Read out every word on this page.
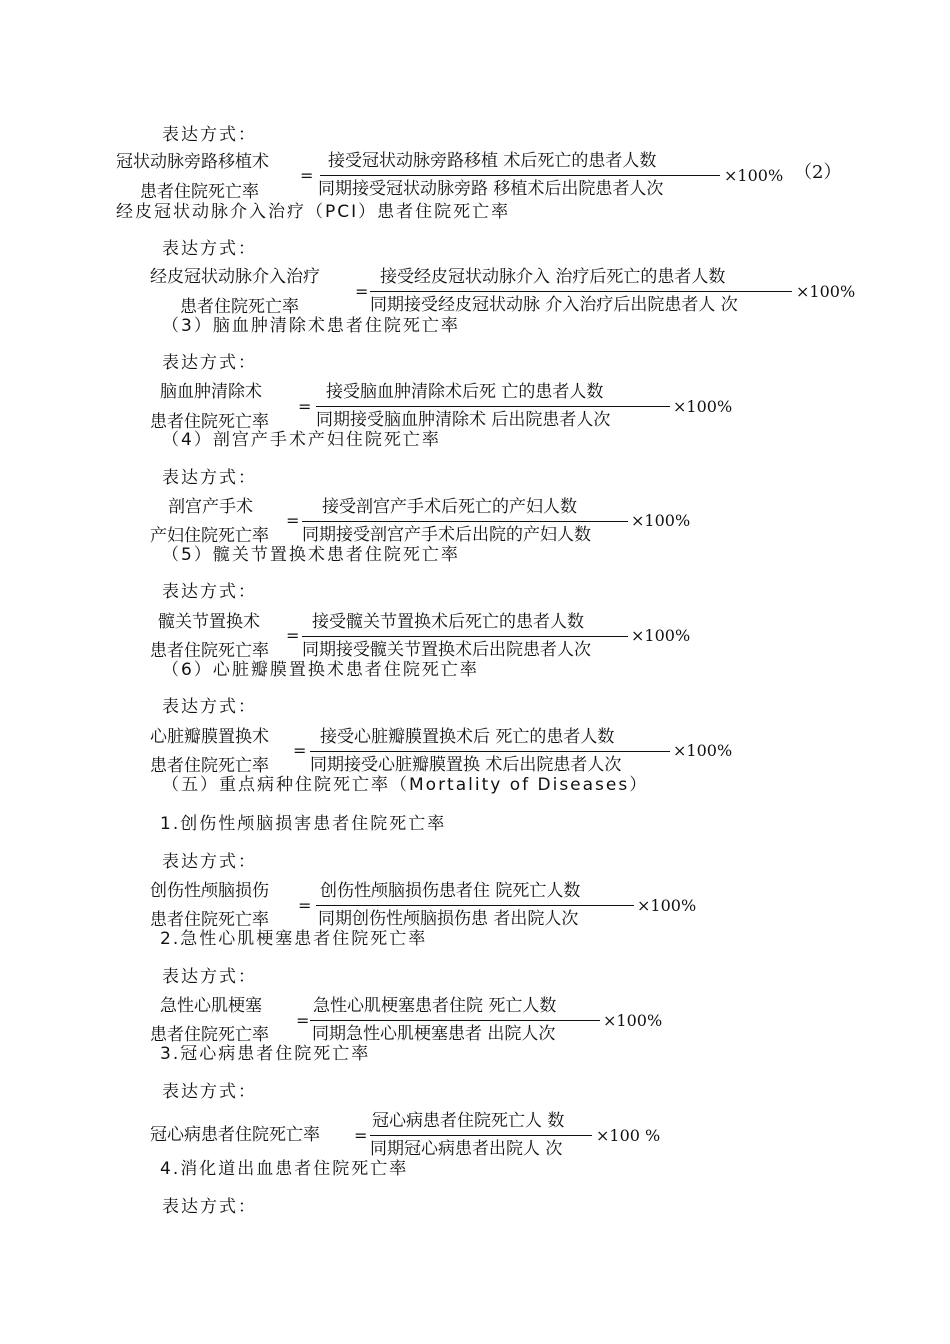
表达方式：
冠状动脉旁路移植术
患者住院死亡率
=
接受冠状动脉旁路移植 术后死亡的患者人数
同期接受冠状动脉旁路 移植术后出院患者人次
×100% （2）
经皮冠状动脉介入治疗（PCI）患者住院死亡率
表达方式：
经皮冠状动脉介入治疗
患者住院死亡率
=
接受经皮冠状动脉介入 治疗后死亡的患者人数
同期接受经皮冠状动脉 介入治疗后出院患者人 次
×100%
（3）脑血肿清除术患者住院死亡率
表达方式：
脑血肿清除术
患者住院死亡率
=
接受脑血肿清除术后死 亡的患者人数
同期接受脑血肿清除术 后出院患者人次
×100%
（4）剖宫产手术产妇住院死亡率
表达方式：
剖宫产手术
产妇住院死亡率
=
接受剖宫产手术后死亡的产妇人数
同期接受剖宫产手术后出院的产妇人数
×100%
（5）髋关节置换术患者住院死亡率
表达方式：
髋关节置换术
患者住院死亡率
=
接受髋关节置换术后死亡的患者人数
同期接受髋关节置换术后出院患者人次
×100%
（6）心脏瓣膜置换术患者住院死亡率
表达方式：
心脏瓣膜置换术
患者住院死亡率
=
接受心脏瓣膜置换术后 死亡的患者人数
同期接受心脏瓣膜置换 术后出院患者人次
×100%
（五）重点病种住院死亡率（Mortality of Diseases）
1.创伤性颅脑损害患者住院死亡率
表达方式：
创伤性颅脑损伤
患者住院死亡率
=
创伤性颅脑损伤患者住 院死亡人数
同期创伤性颅脑损伤患 者出院人次
×100%
2.急性心肌梗塞患者住院死亡率
表达方式：
急性心肌梗塞
患者住院死亡率
=
急性心肌梗塞患者住院 死亡人数
同期急性心肌梗塞患者 出院人次
×100%
3.冠心病患者住院死亡率
表达方式：
冠心病患者住院死亡率 =
冠心病患者住院死亡人 数
同期冠心病患者出院人 次
×100 %
4.消化道出血患者住院死亡率
表达方式：
